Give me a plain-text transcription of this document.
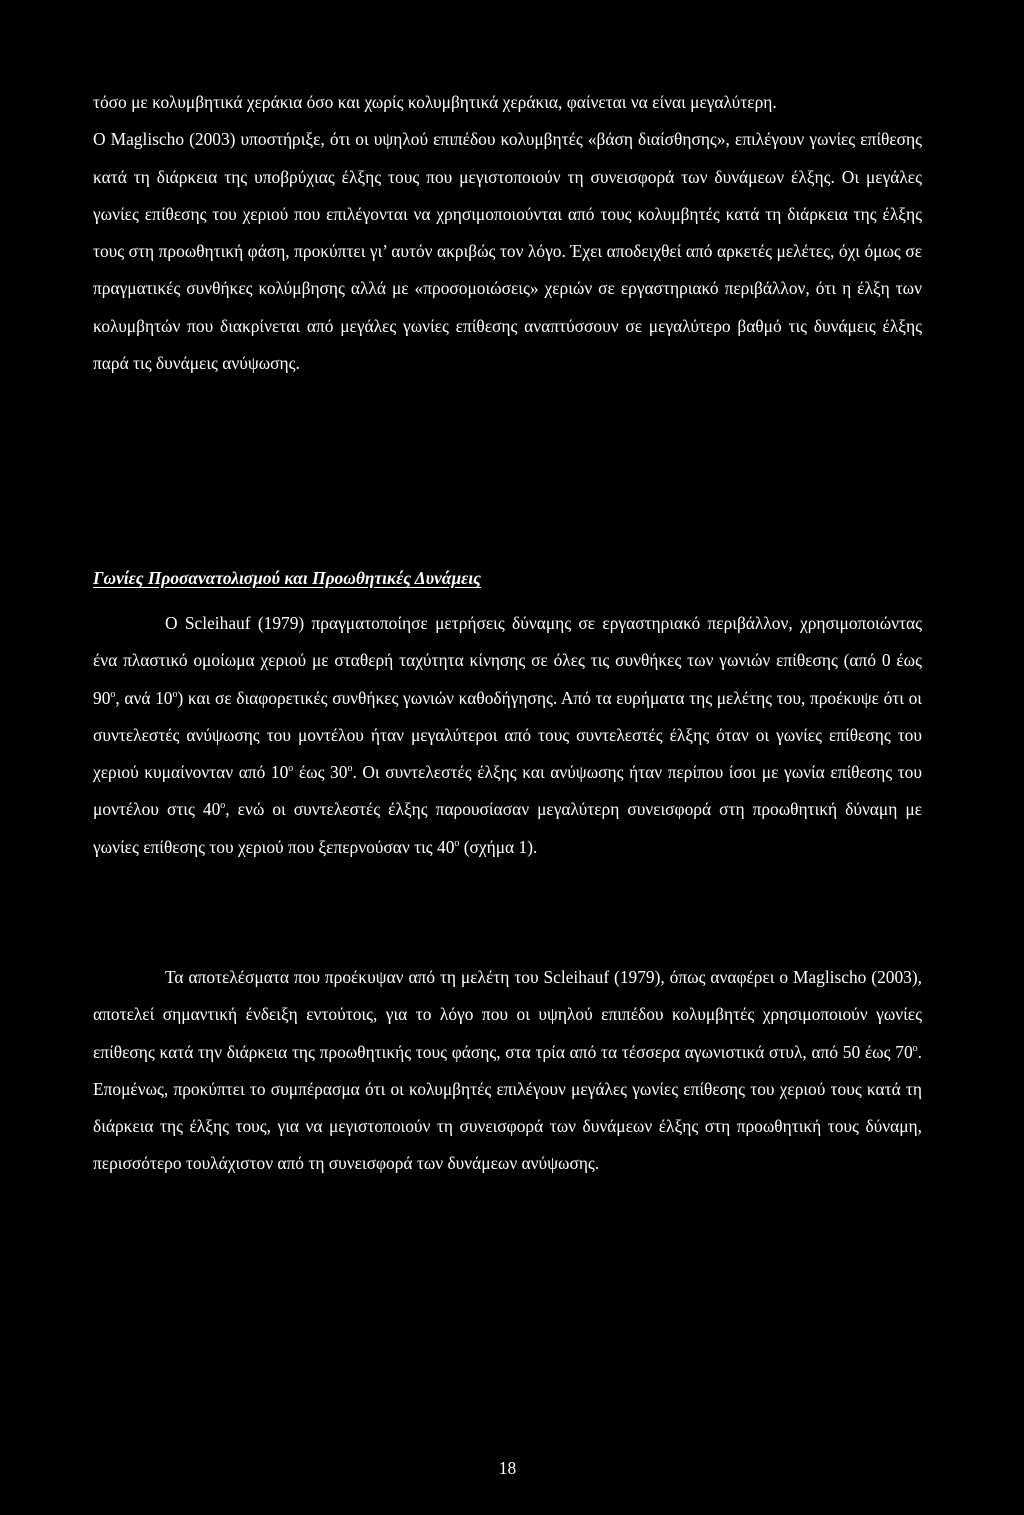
τόσο με κολυμβητικά χεράκια όσο και χωρίς κολυμβητικά χεράκια, φαίνεται να είναι μεγαλύτερη.
Ο Maglischo (2003) υποστήριξε, ότι οι υψηλού επιπέδου κολυμβητές «βάση διαίσθησης», επιλέγουν γωνίες επίθεσης κατά τη διάρκεια της υποβρύχιας έλξης τους που μεγιστοποιούν τη συνεισφορά των δυνάμεων έλξης. Οι μεγάλες γωνίες επίθεσης του χεριού που επιλέγονται να χρησιμοποιούνται από τους κολυμβητές κατά τη διάρκεια της έλξης τους στη προωθητική φάση, προκύπτει γι’ αυτόν ακριβώς τον λόγο. Έχει αποδειχθεί από αρκετές μελέτες, όχι όμως σε πραγματικές συνθήκες κολύμβησης αλλά με «προσομοιώσεις» χεριών σε εργαστηριακό περιβάλλον, ότι η έλξη των κολυμβητών που διακρίνεται από μεγάλες γωνίες επίθεσης αναπτύσσουν σε μεγαλύτερο βαθμό τις δυνάμεις έλξης παρά τις δυνάμεις ανύψωσης.

Γωνίες Προσανατολισμού και Προωθητικές Δυνάμεις

Ο Scleihauf (1979) πραγματοποίησε μετρήσεις δύναμης σε εργαστηριακό περιβάλλον, χρησιμοποιώντας ένα πλαστικό ομοίωμα χεριού με σταθερή ταχύτητα κίνησης σε όλες τις συνθήκες των γωνιών επίθεσης (από 0 έως 90$^o$, ανά 10$^o$) και σε διαφορετικές συνθήκες γωνιών καθοδήγησης. Από τα ευρήματα της μελέτης του, προέκυψε ότι οι συντελεστές ανύψωσης του μοντέλου ήταν μεγαλύτεροι από τους συντελεστές έλξης όταν οι γωνίες επίθεσης του χεριού κυμαίνονταν από 10$^o$ έως 30$^o$. Οι συντελεστές έλξης και ανύψωσης ήταν περίπου ίσοι με γωνία επίθεσης του μοντέλου στις 40$^o$, ενώ οι συντελεστές έλξης παρουσίασαν μεγαλύτερη συνεισφορά στη προωθητική δύναμη με γωνίες επίθεσης του χεριού που ξεπερνούσαν τις 40$^o$ (σχήμα 1).

Τα αποτελέσματα που προέκυψαν από τη μελέτη του Scleihauf (1979), όπως αναφέρει ο Maglischo (2003), αποτελεί σημαντική ένδειξη εντούτοις, για το λόγο που οι υψηλού επιπέδου κολυμβητές χρησιμοποιούν γωνίες επίθεσης κατά την διάρκεια της προωθητικής τους φάσης, στα τρία από τα τέσσερα αγωνιστικά στυλ, από 50 έως 70$^o$. Επομένως, προκύπτει το συμπέρασμα ότι οι κολυμβητές επιλέγουν μεγάλες γωνίες επίθεσης του χεριού τους κατά τη διάρκεια της έλξης τους, για να μεγιστοποιούν τη συνεισφορά των δυνάμεων έλξης στη προωθητική τους δύναμη, περισσότερο τουλάχιστον από τη συνεισφορά των δυνάμεων ανύψωσης.

18
